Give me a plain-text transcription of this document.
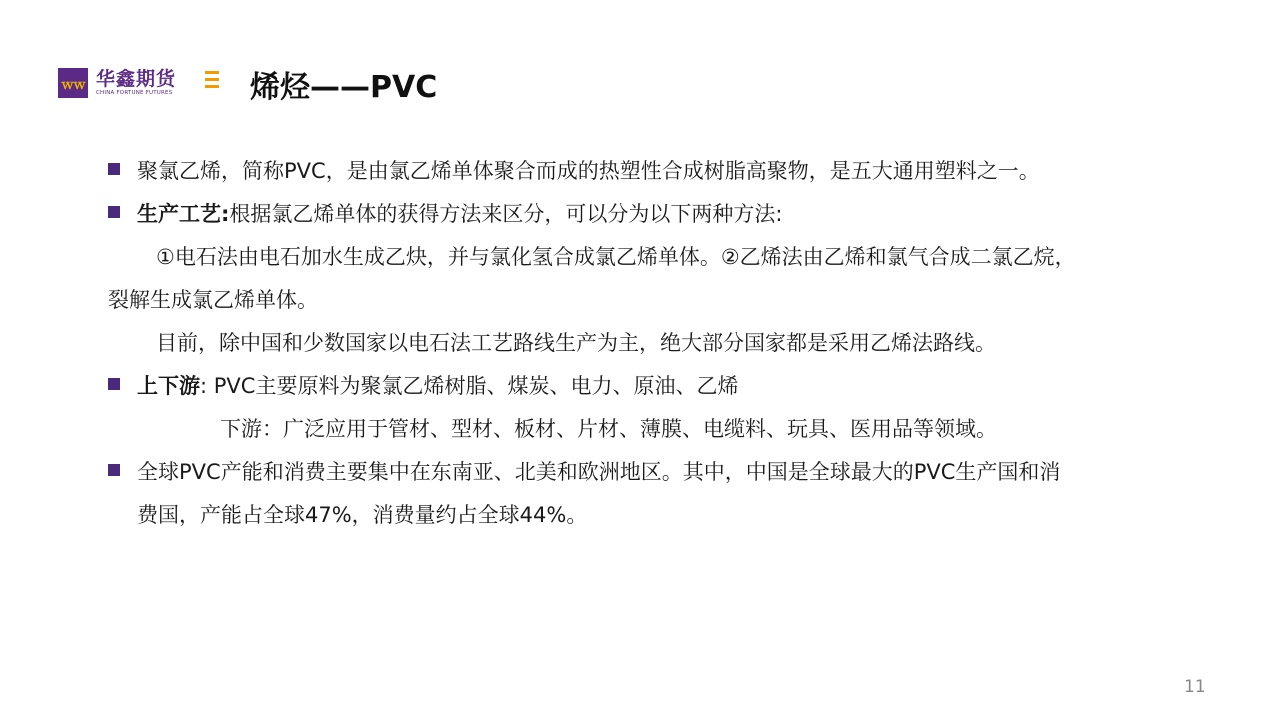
ｗｗ 华鑫期货
CHINA FORTUNE FUTURES	烯烃——PVC
聚氯乙烯，简称PVC，是由氯乙烯单体聚合而成的热塑性合成树脂高聚物，是五大通用塑料之一。
生产工艺:根据氯乙烯单体的获得方法来区分，可以分为以下两种方法:
①电石法由电石加水生成乙炔，并与氯化氢合成氯乙烯单体。②乙烯法由乙烯和氯气合成二氯乙烷，
裂解生成氯乙烯单体。
目前，除中国和少数国家以电石法工艺路线生产为主，绝大部分国家都是采用乙烯法路线。
上下游: PVC主要原料为聚氯乙烯树脂、煤炭、电力、原油、乙烯
下游：广泛应用于管材、型材、板材、片材、薄膜、电缆料、玩具、医用品等领域。
全球PVC产能和消费主要集中在东南亚、北美和欧洲地区。其中，中国是全球最大的PVC生产国和消
费国，产能占全球47%，消费量约占全球44%。
11
